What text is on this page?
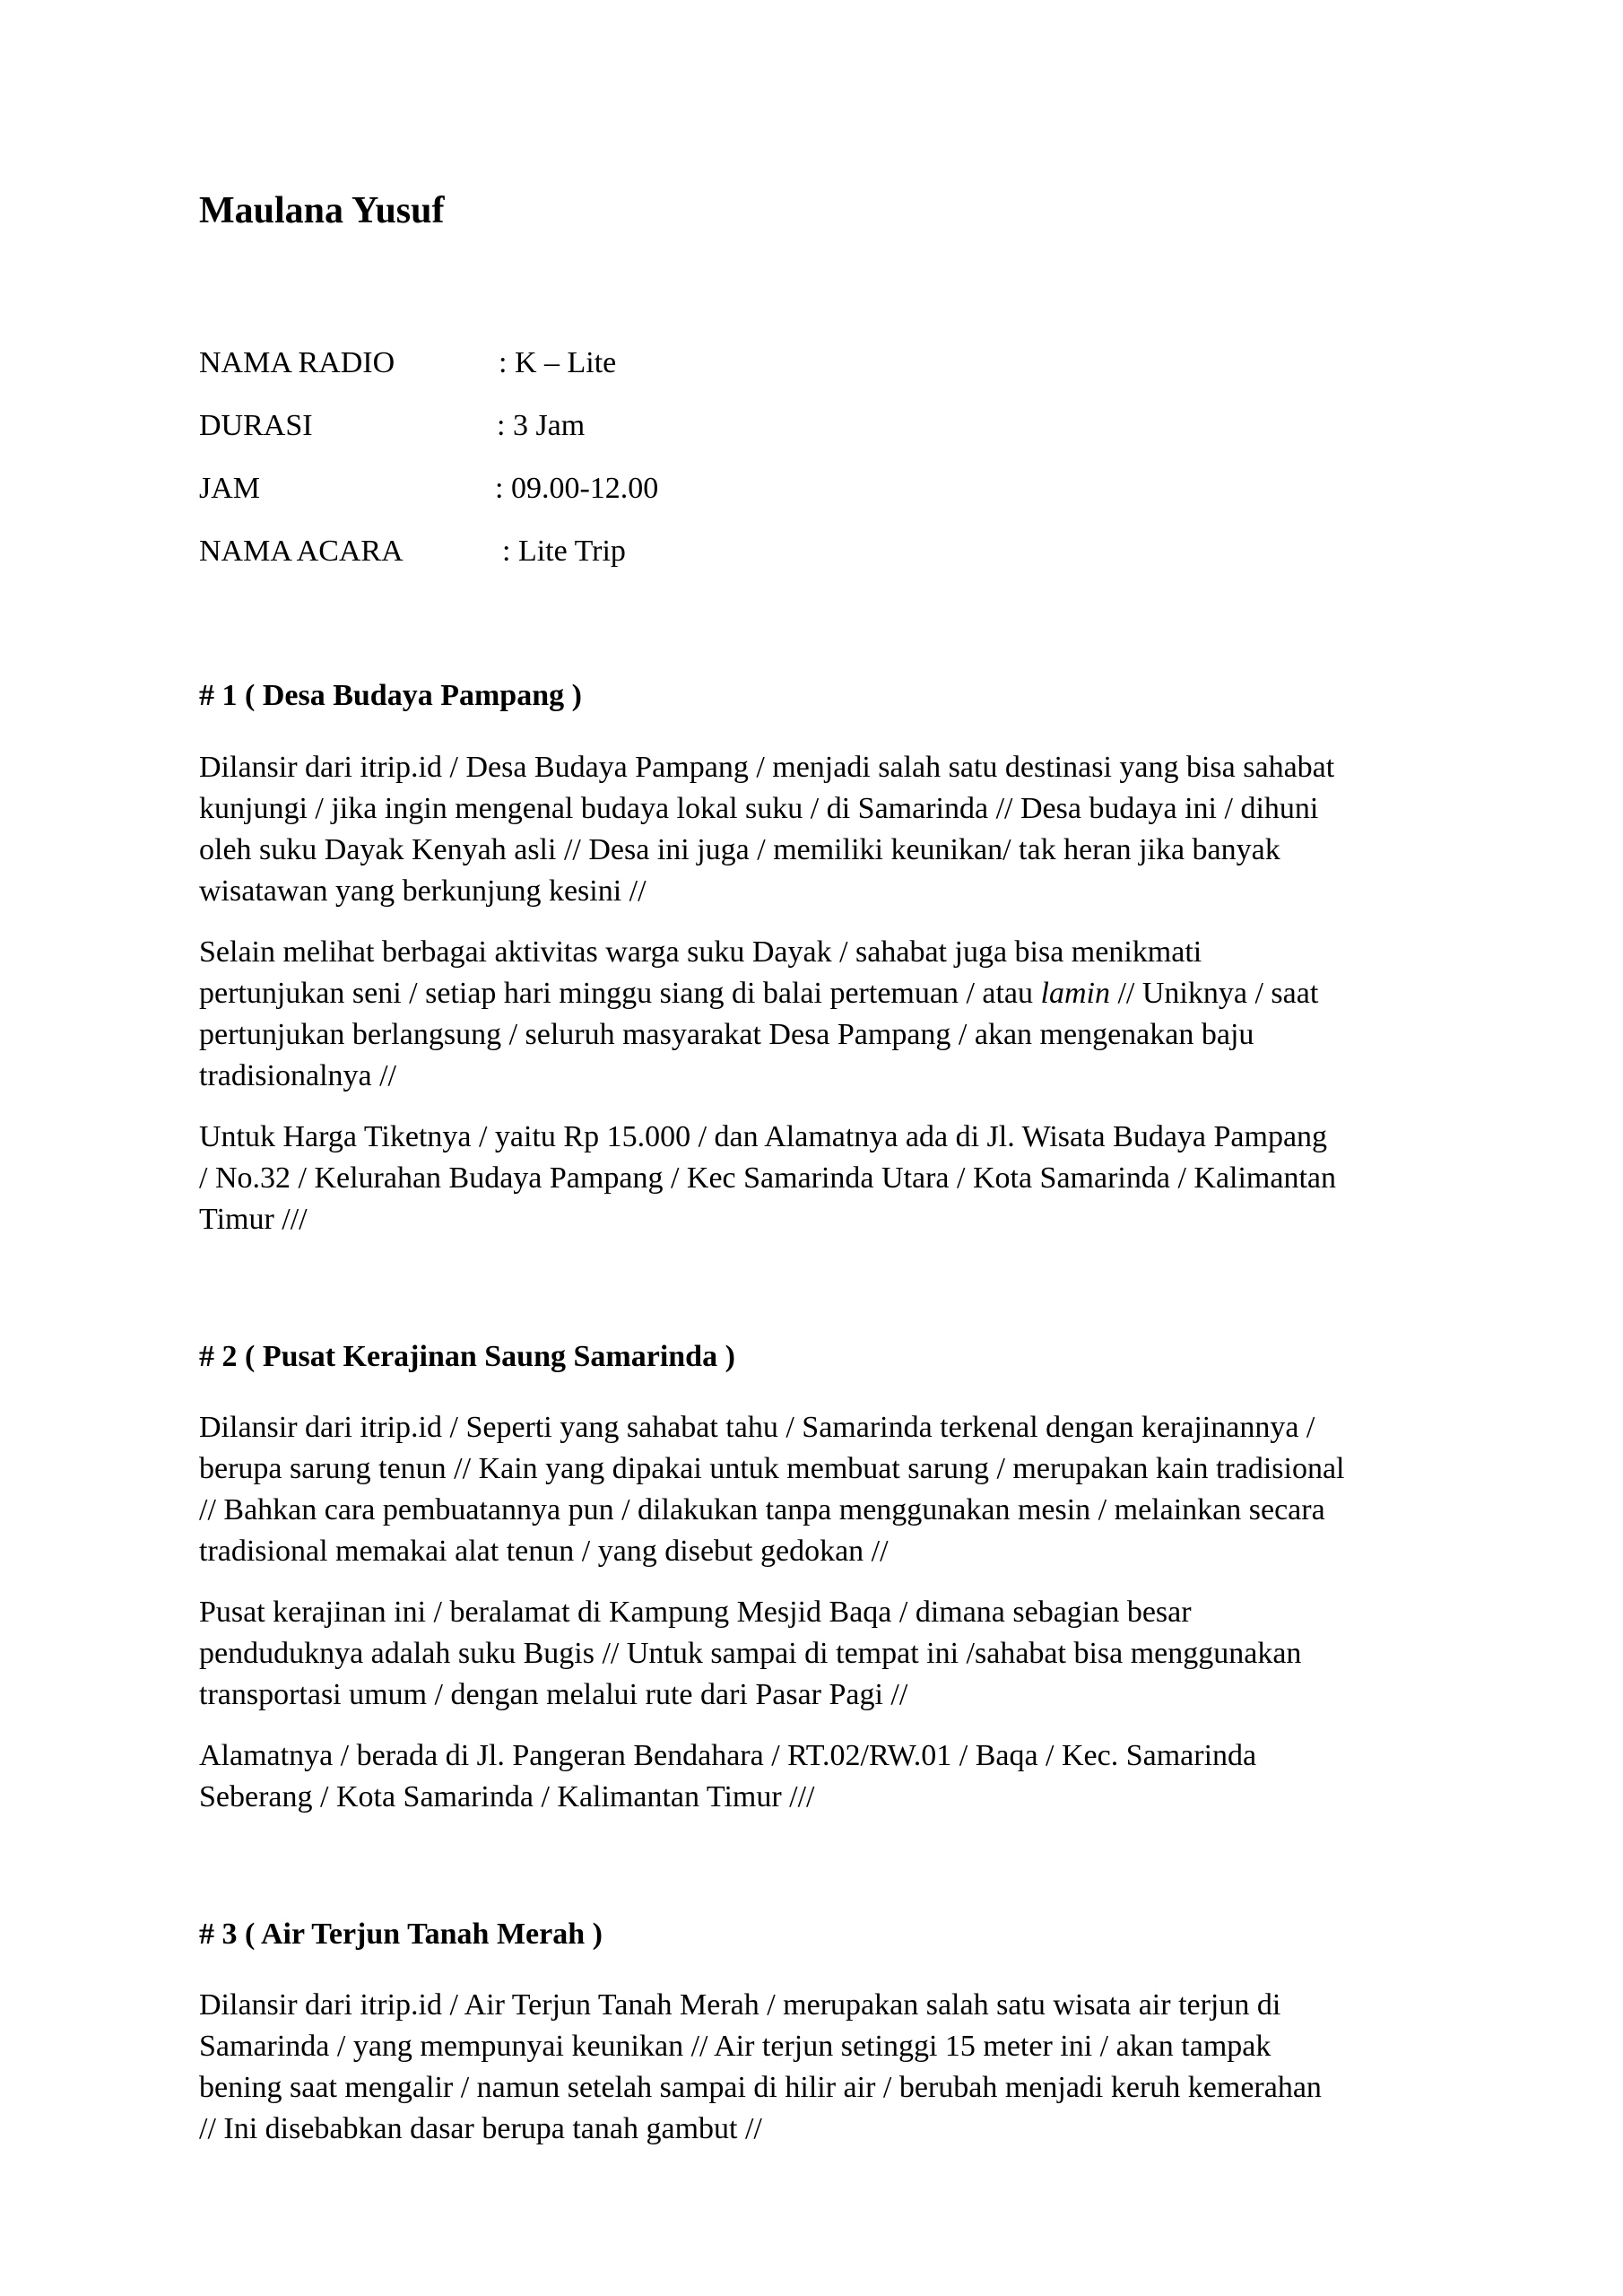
Maulana Yusuf
NAMA RADIO	: K – Lite
DURASI	: 3 Jam
JAM	: 09.00-12.00
NAMA ACARA	: Lite Trip
# 1 ( Desa Budaya Pampang )

Dilansir dari itrip.id / Desa Budaya Pampang / menjadi salah satu destinasi yang bisa sahabat
kunjungi / jika ingin mengenal budaya lokal suku / di Samarinda // Desa budaya ini / dihuni
oleh suku Dayak Kenyah asli // Desa ini juga / memiliki keunikan/ tak heran jika banyak
wisatawan yang berkunjung kesini //

Selain melihat berbagai aktivitas warga suku Dayak / sahabat juga bisa menikmati
pertunjukan seni / setiap hari minggu siang di balai pertemuan / atau lamin // Uniknya / saat
pertunjukan berlangsung / seluruh masyarakat Desa Pampang / akan mengenakan baju
tradisionalnya //

Untuk Harga Tiketnya / yaitu Rp 15.000 / dan Alamatnya ada di Jl. Wisata Budaya Pampang
/ No.32 / Kelurahan Budaya Pampang / Kec Samarinda Utara / Kota Samarinda / Kalimantan
Timur ///

# 2 ( Pusat Kerajinan Saung Samarinda )

Dilansir dari itrip.id / Seperti yang sahabat tahu / Samarinda terkenal dengan kerajinannya /
berupa sarung tenun // Kain yang dipakai untuk membuat sarung / merupakan kain tradisional
// Bahkan cara pembuatannya pun / dilakukan tanpa menggunakan mesin / melainkan secara
tradisional memakai alat tenun / yang disebut gedokan //

Pusat kerajinan ini / beralamat di Kampung Mesjid Baqa / dimana sebagian besar
penduduknya adalah suku Bugis // Untuk sampai di tempat ini /sahabat bisa menggunakan
transportasi umum / dengan melalui rute dari Pasar Pagi //

Alamatnya / berada di Jl. Pangeran Bendahara / RT.02/RW.01 / Baqa / Kec. Samarinda
Seberang / Kota Samarinda / Kalimantan Timur ///

# 3 ( Air Terjun Tanah Merah )

Dilansir dari itrip.id / Air Terjun Tanah Merah / merupakan salah satu wisata air terjun di
Samarinda / yang mempunyai keunikan // Air terjun setinggi 15 meter ini / akan tampak
bening saat mengalir / namun setelah sampai di hilir air / berubah menjadi keruh kemerahan
// Ini disebabkan dasar berupa tanah gambut //
